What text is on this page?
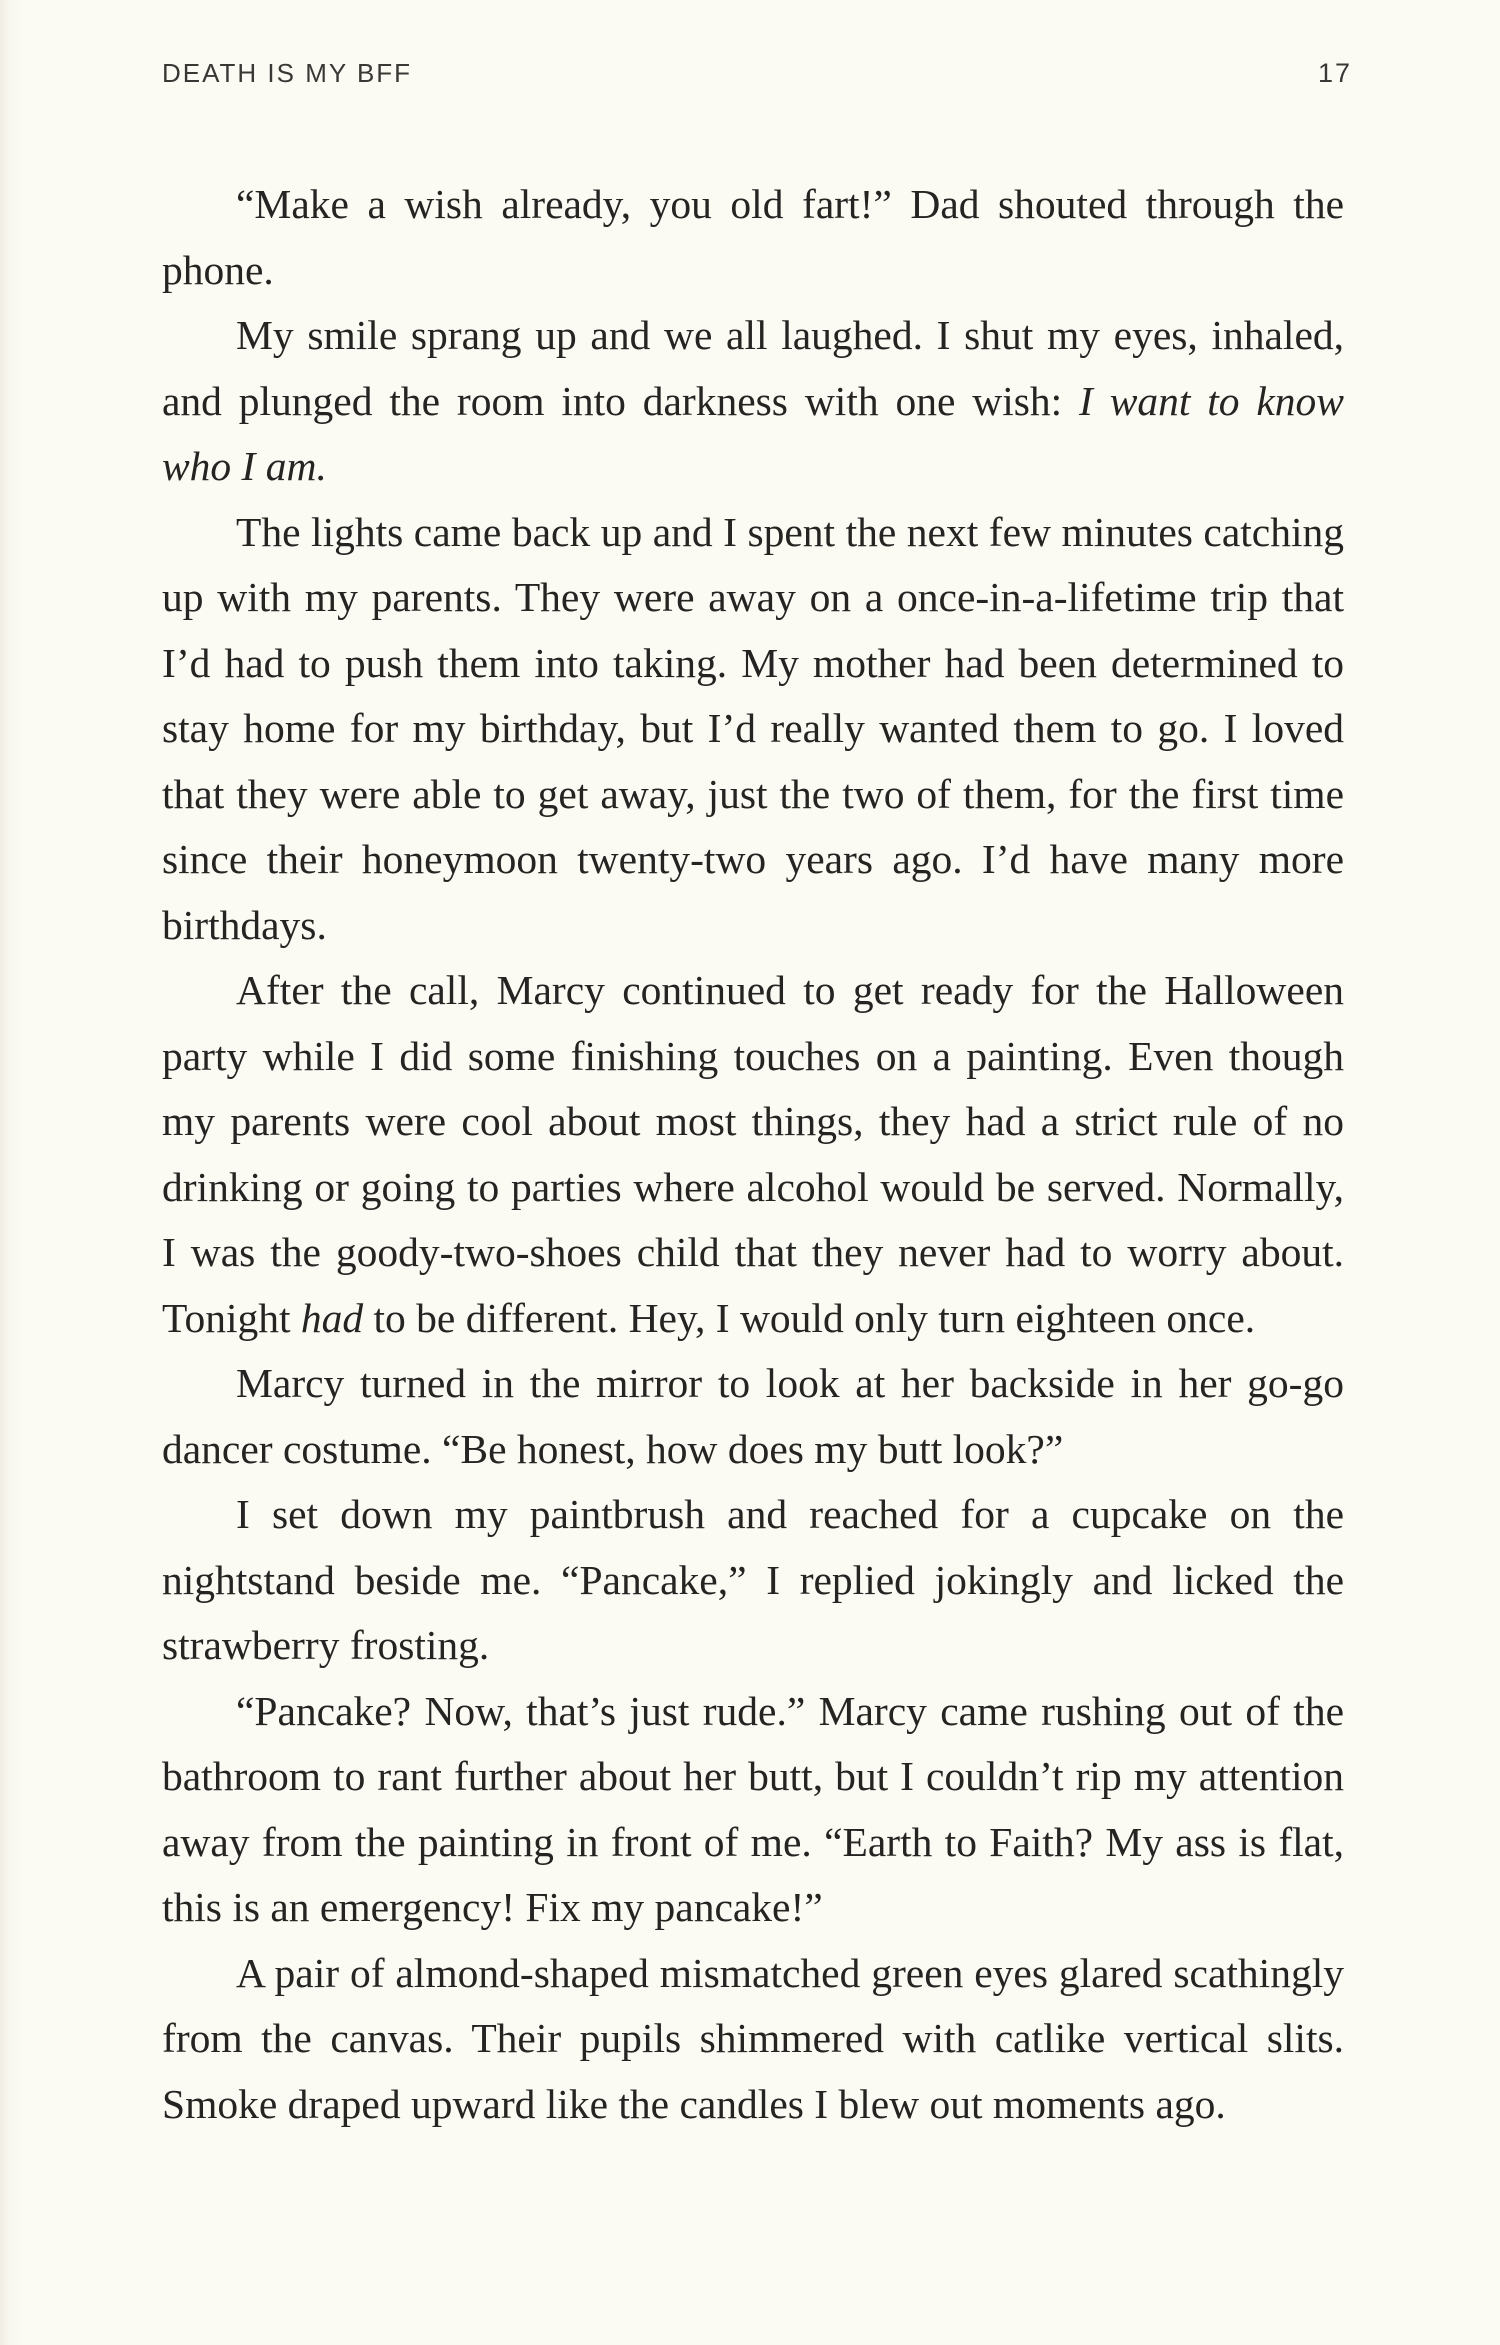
DEATH IS MY BFF	17

“Make a wish already, you old fart!” Dad shouted through the phone.

My smile sprang up and we all laughed. I shut my eyes, inhaled, and plunged the room into darkness with one wish: I want to know who I am.

The lights came back up and I spent the next few minutes catching up with my parents. They were away on a once-in-a-lifetime trip that I’d had to push them into taking. My mother had been determined to stay home for my birthday, but I’d really wanted them to go. I loved that they were able to get away, just the two of them, for the first time since their honeymoon twenty-two years ago. I’d have many more birthdays.

After the call, Marcy continued to get ready for the Halloween party while I did some finishing touches on a painting. Even though my parents were cool about most things, they had a strict rule of no drinking or going to parties where alcohol would be served. Normally, I was the goody-two-shoes child that they never had to worry about. Tonight had to be different. Hey, I would only turn eighteen once.

Marcy turned in the mirror to look at her backside in her go-go dancer costume. “Be honest, how does my butt look?”

I set down my paintbrush and reached for a cupcake on the nightstand beside me. “Pancake,” I replied jokingly and licked the strawberry frosting.

“Pancake? Now, that’s just rude.” Marcy came rushing out of the bathroom to rant further about her butt, but I couldn’t rip my attention away from the painting in front of me. “Earth to Faith? My ass is flat, this is an emergency! Fix my pancake!”

A pair of almond-shaped mismatched green eyes glared scathingly from the canvas. Their pupils shimmered with catlike vertical slits. Smoke draped upward like the candles I blew out moments ago.
